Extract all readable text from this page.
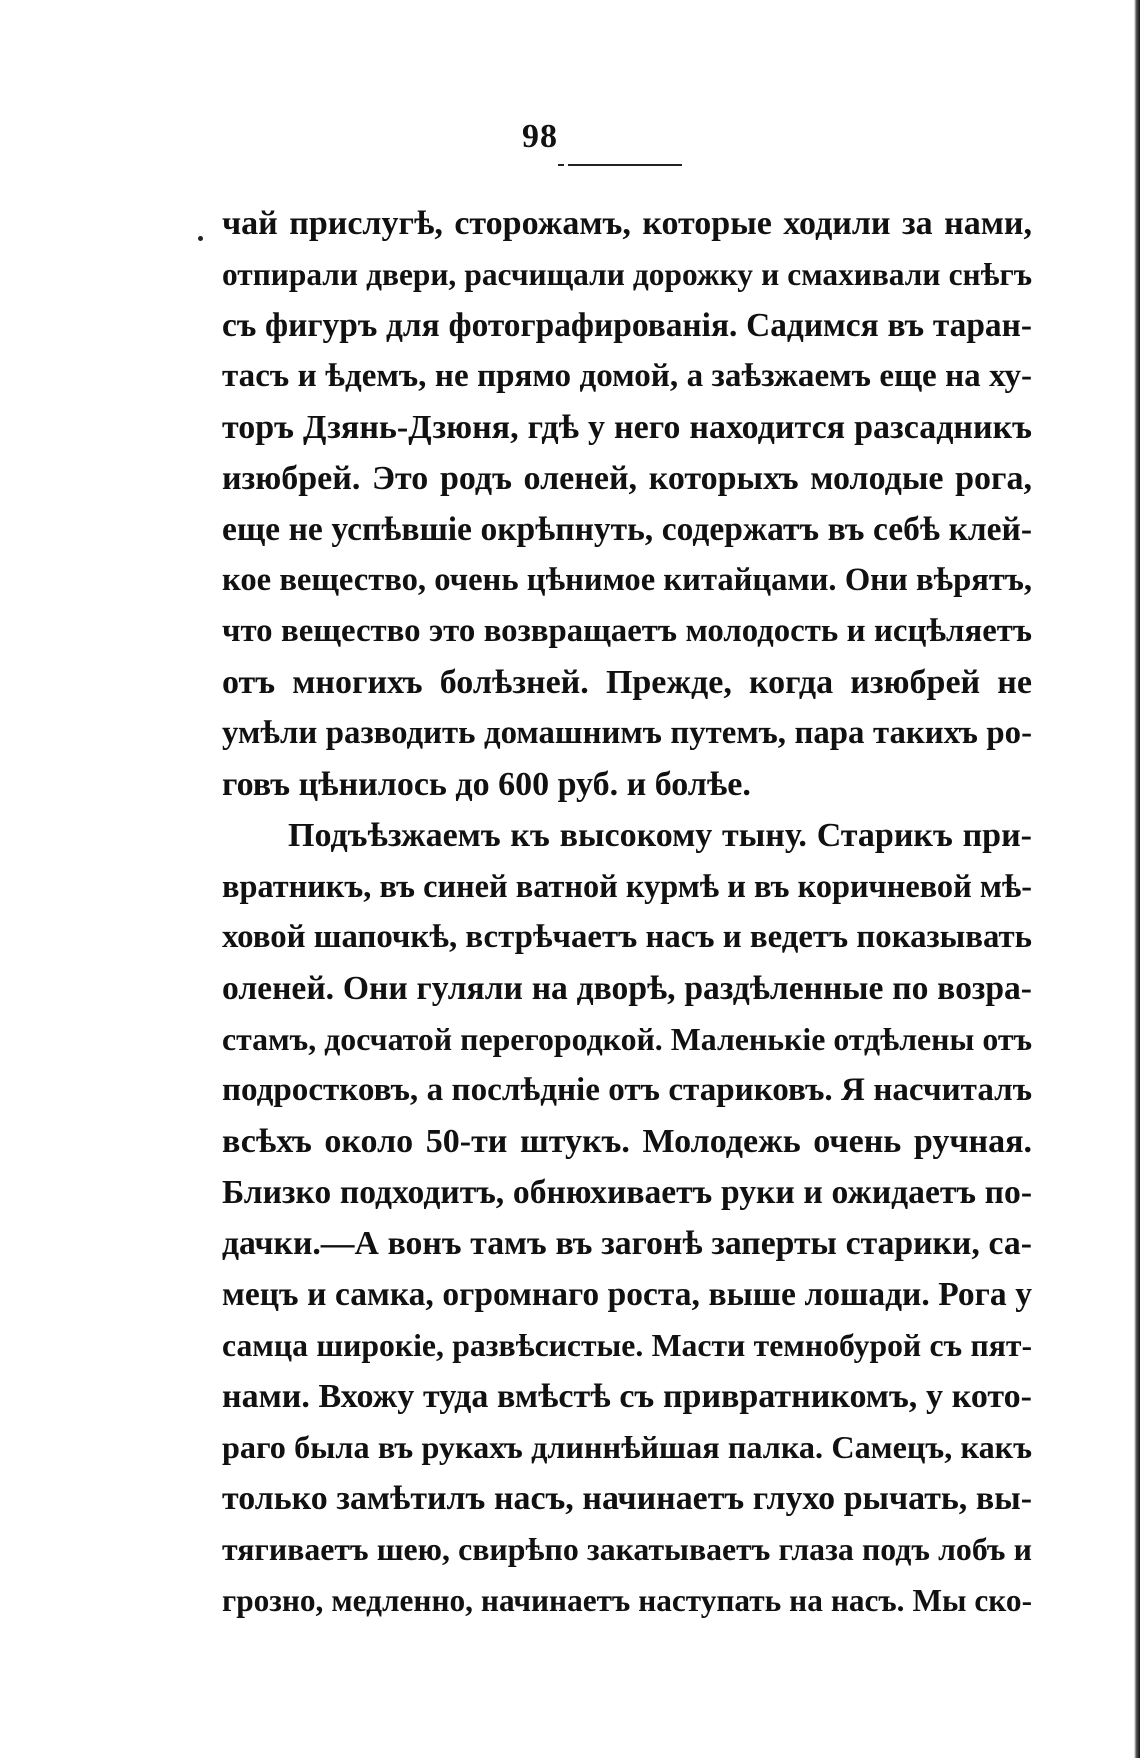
98
чай прислугѣ, сторожамъ, которые ходили за нами,
отпирали двери, расчищали дорожку и смахивали снѣгъ
съ фигуръ для фотографированія. Садимся въ таран-
тасъ и ѣдемъ, не прямо домой, а заѣзжаемъ еще на ху-
торъ Дзянь-Дзюня, гдѣ у него находится разсадникъ
изюбрей. Это родъ оленей, которыхъ молодые рога,
еще не успѣвшіе окрѣпнуть, содержатъ въ себѣ клей-
кое вещество, очень цѣнимое китайцами. Они вѣрятъ,
что вещество это возвращаетъ молодость и исцѣляетъ
отъ многихъ болѣзней. Прежде, когда изюбрей не
умѣли разводить домашнимъ путемъ, пара такихъ ро-
говъ цѣнилось до 600 руб. и болѣе.
Подъѣзжаемъ къ высокому тыну. Старикъ при-
вратникъ, въ синей ватной курмѣ и въ коричневой мѣ-
ховой шапочкѣ, встрѣчаетъ насъ и ведетъ показывать
оленей. Они гуляли на дворѣ, раздѣленные по возра-
стамъ, досчатой перегородкой. Маленькіе отдѣлены отъ
подростковъ, а послѣдніе отъ стариковъ. Я насчиталъ
всѣхъ около 50-ти штукъ. Молодежь очень ручная.
Близко подходитъ, обнюхиваетъ руки и ожидаетъ по-
дачки.—А вонъ тамъ въ загонѣ заперты старики, са-
мецъ и самка, огромнаго роста, выше лошади. Рога у
самца широкіе, развѣсистые. Масти темнобурой съ пят-
нами. Вхожу туда вмѣстѣ съ привратникомъ, у кото-
раго была въ рукахъ длиннѣйшая палка. Самецъ, какъ
только замѣтилъ насъ, начинаетъ глухо рычать, вы-
тягиваетъ шею, свирѣпо закатываетъ глаза подъ лобъ и
грозно, медленно, начинаетъ наступать на насъ. Мы ско-
